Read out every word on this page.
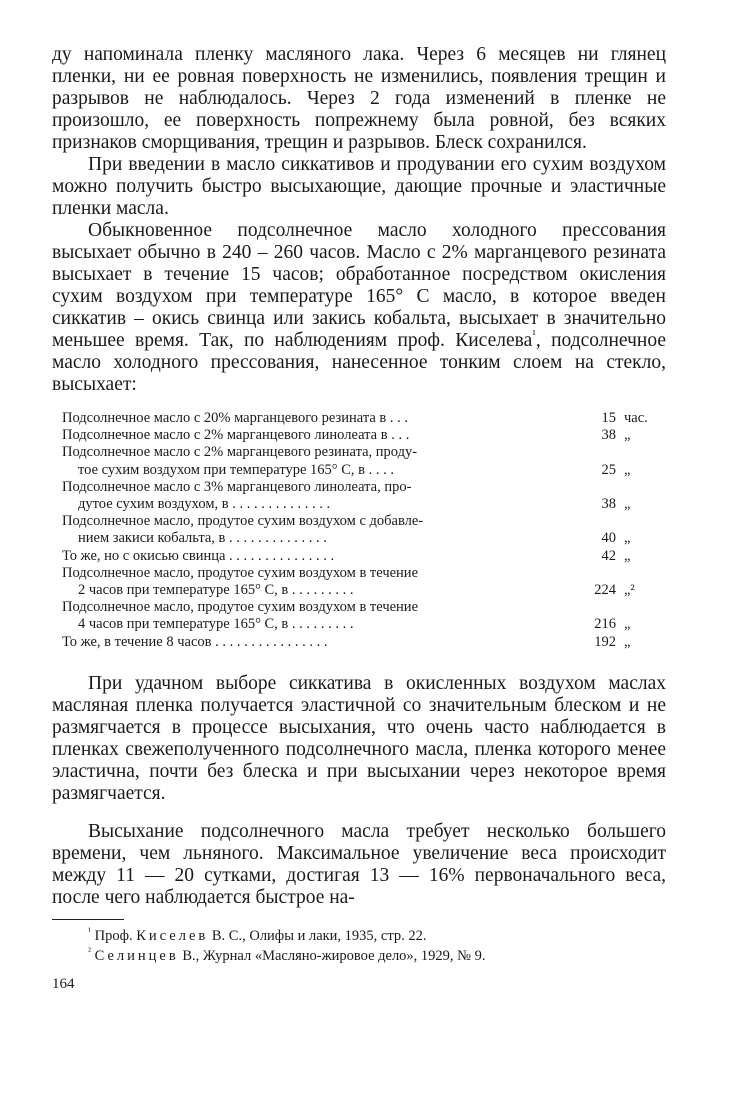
ду напоминала пленку масляного лака. Через 6 месяцев ни глянец пленки, ни ее ровная поверхность не изменились, появления трещин и разрывов не наблюдалось. Через 2 года изменений в пленке не произошло, ее поверхность попрежнему была ровной, без всяких признаков сморщивания, трещин и разрывов. Блеск сохранился.

При введении в масло сиккативов и продувании его сухим воздухом можно получить быстро высыхающие, дающие прочные и эластичные пленки масла.

Обыкновенное подсолнечное масло холодного прессования высыхает обычно в 240 – 260 часов. Масло с 2% марганцевого резината высыхает в течение 15 часов; обработанное посредством окисления сухим воздухом при температуре 165° С масло, в которое введен сиккатив – окись свинца или закись кобальта, высыхает в значительно меньшее время. Так, по наблюдениям проф. Киселева$^{^1}$, подсолнечное масло холодного прессования, нанесенное тонким слоем на стекло, высыхает:

Подсолнечное масло с 20% марганцевого резината в . . .	15 час.
Подсолнечное масло с 2% марганцевого линолеата в . . .	38 „
Подсолнечное масло с 2% марганцевого резината, проду-
тое сухим воздухом при температуре 165° С, в . . . .	25 „
Подсолнечное масло с 3% марганцевого линолеата, про-
дутое сухим воздухом, в . . . . . . . . . . . . . .	38 „
Подсолнечное масло, продутое сухим воздухом с добавле-
нием закиси кобальта, в . . . . . . . . . . . . . .	40 „
То же, но с окисью свинца . . . . . . . . . . . . . . .	42 „
Подсолнечное масло, продутое сухим воздухом в течение
2 часов при температуре 165° С, в . . . . . . . . .	224 „²
Подсолнечное масло, продутое сухим воздухом в течение
4 часов при температуре 165° С, в . . . . . . . . .	216 „
То же, в течение 8 часов . . . . . . . . . . . . . . . .	192 „

При удачном выборе сиккатива в окисленных воздухом маслах масляная пленка получается эластичной со значительным блеском и не размягчается в процессе высыхания, что очень часто наблюдается в пленках свежеполученного подсолнечного масла, пленка которого менее эластична, почти без блеска и при высыхании через некоторое время размягчается.

Высыхание подсолнечного масла требует несколько большего времени, чем льняного. Максимальное увеличение веса происходит между 11 — 20 сутками, достигая 13 — 16% первоначального веса, после чего наблюдается быстрое на-

$^{^1}$ Проф. Киселев В. С., Олифы и лаки, 1935, стр. 22.
$^{^2}$ Селинцев В., Журнал «Масляно-жировое дело», 1929, № 9.
164
